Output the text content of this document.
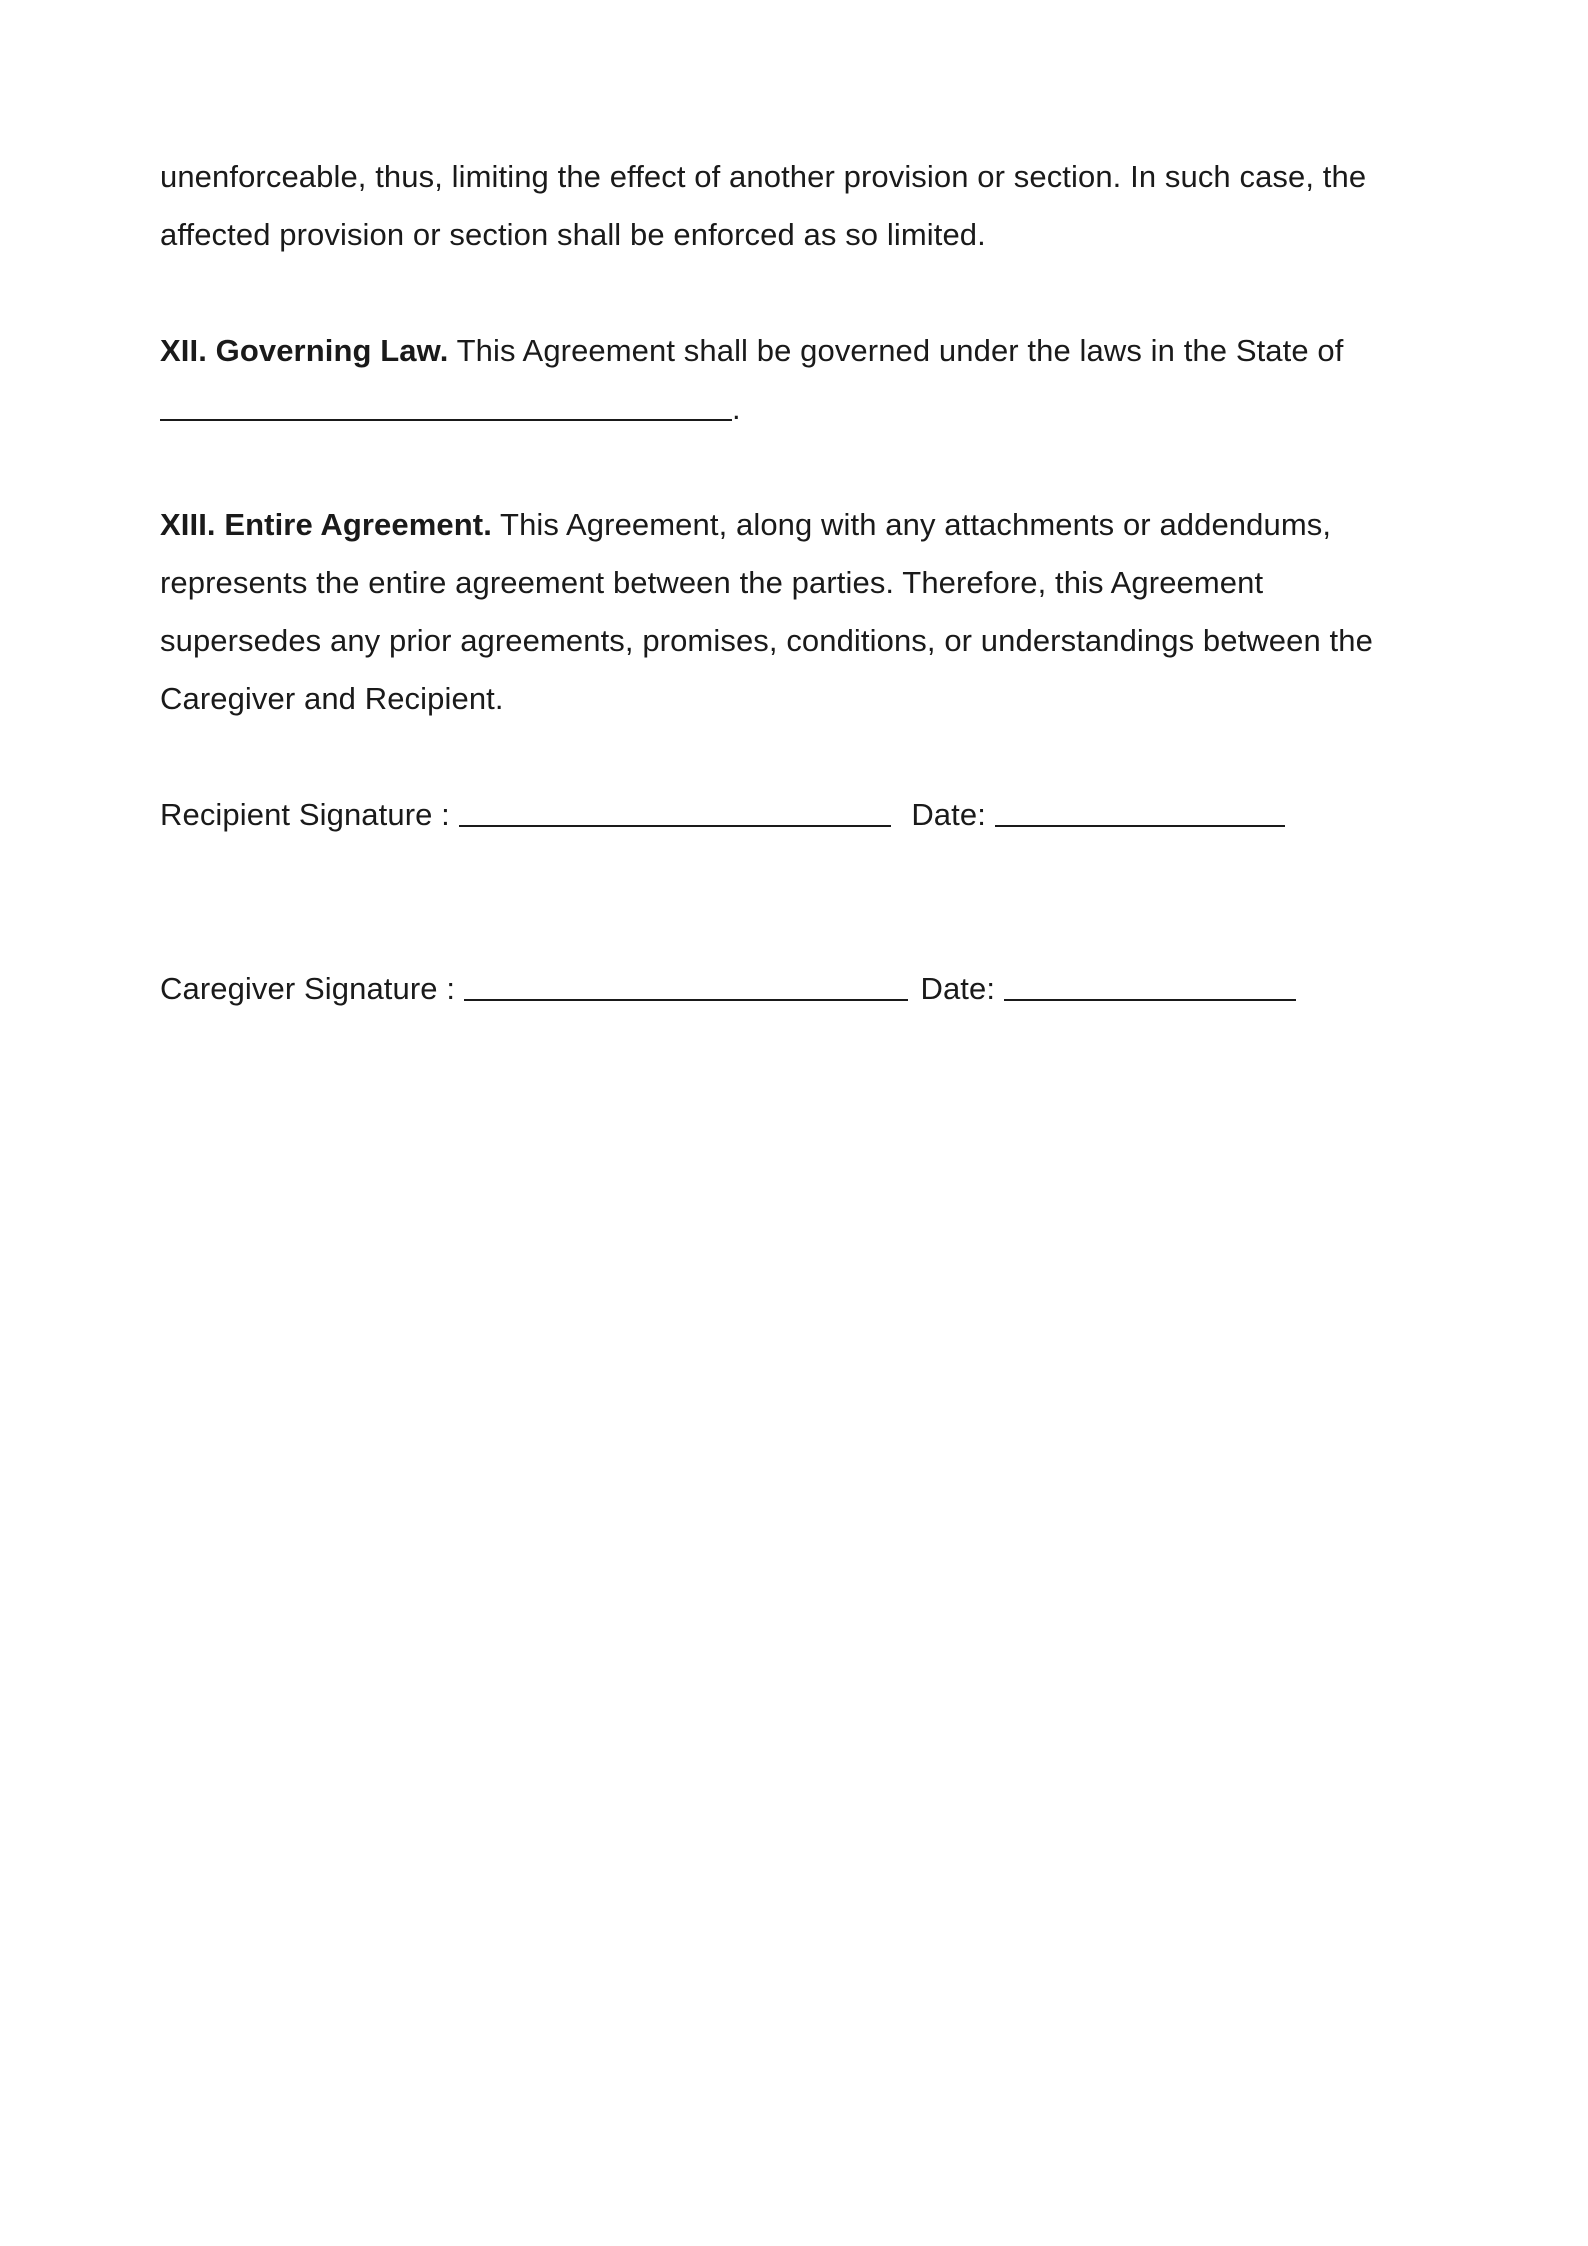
unenforceable, thus, limiting the effect of another provision or section. In such case, the
affected provision or section shall be enforced as so limited.

XII. Governing Law. This Agreement shall be governed under the laws in the State of
.

XIII. Entire Agreement. This Agreement, along with any attachments or addendums,
represents the entire agreement between the parties. Therefore, this Agreement
supersedes any prior agreements, promises, conditions, or understandings between the
Caregiver and Recipient.

Recipient Signature :	Date:

Caregiver Signature :	Date:
